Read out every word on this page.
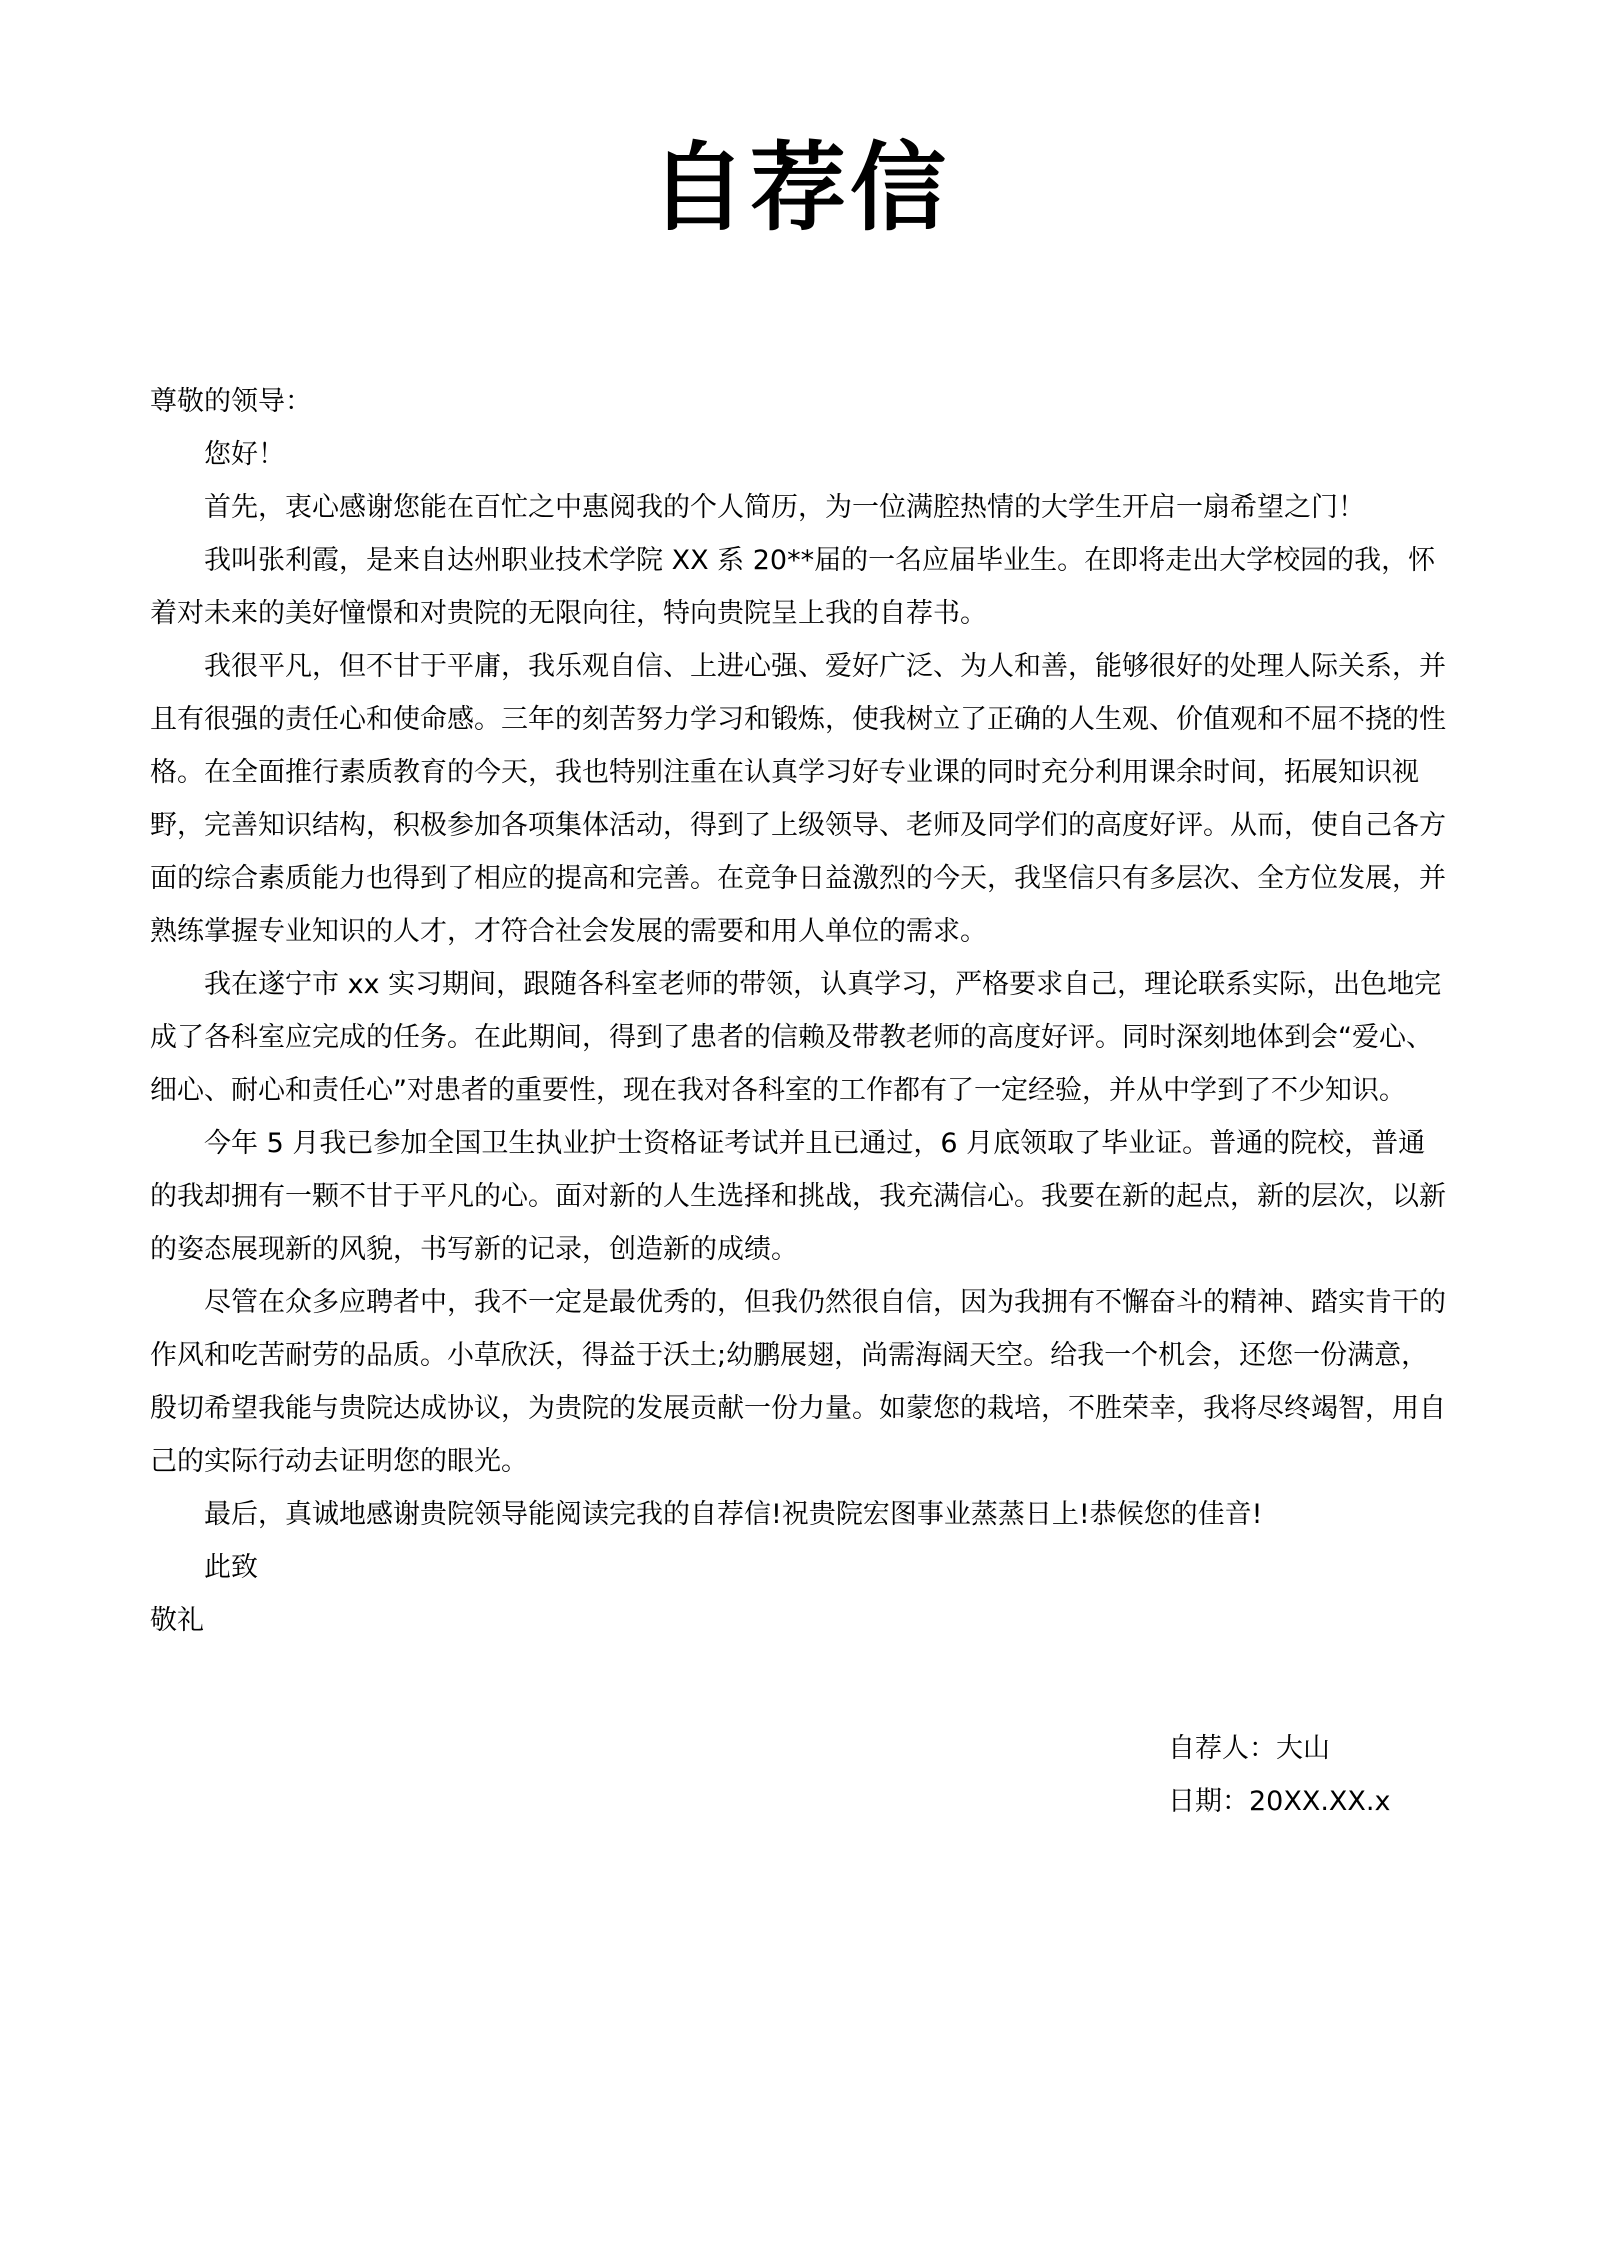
自荐信

尊敬的领导：

您好！

首先，衷心感谢您能在百忙之中惠阅我的个人简历，为一位满腔热情的大学生开启一扇希望之门！

我叫张利霞，是来自达州职业技术学院 XX 系 20**届的一名应届毕业生。在即将走出大学校园的我，怀着对未来的美好憧憬和对贵院的无限向往，特向贵院呈上我的自荐书。

我很平凡，但不甘于平庸，我乐观自信、上进心强、爱好广泛、为人和善，能够很好的处理人际关系，并且有很强的责任心和使命感。三年的刻苦努力学习和锻炼，使我树立了正确的人生观、价值观和不屈不挠的性格。在全面推行素质教育的今天，我也特别注重在认真学习好专业课的同时充分利用课余时间，拓展知识视野，完善知识结构，积极参加各项集体活动，得到了上级领导、老师及同学们的高度好评。从而，使自己各方面的综合素质能力也得到了相应的提高和完善。在竞争日益激烈的今天，我坚信只有多层次、全方位发展，并熟练掌握专业知识的人才，才符合社会发展的需要和用人单位的需求。

我在遂宁市 xx 实习期间，跟随各科室老师的带领，认真学习，严格要求自己，理论联系实际，出色地完成了各科室应完成的任务。在此期间，得到了患者的信赖及带教老师的高度好评。同时深刻地体到会“爱心、细心、耐心和责任心”对患者的重要性，现在我对各科室的工作都有了一定经验，并从中学到了不少知识。

今年 5 月我已参加全国卫生执业护士资格证考试并且已通过，6 月底领取了毕业证。普通的院校，普通的我却拥有一颗不甘于平凡的心。面对新的人生选择和挑战，我充满信心。我要在新的起点，新的层次，以新的姿态展现新的风貌，书写新的记录，创造新的成绩。

尽管在众多应聘者中，我不一定是最优秀的，但我仍然很自信，因为我拥有不懈奋斗的精神、踏实肯干的作风和吃苦耐劳的品质。小草欣沃，得益于沃土;幼鹏展翅，尚需海阔天空。给我一个机会，还您一份满意，殷切希望我能与贵院达成协议，为贵院的发展贡献一份力量。如蒙您的栽培，不胜荣幸，我将尽终竭智，用自己的实际行动去证明您的眼光。

最后，真诚地感谢贵院领导能阅读完我的自荐信!祝贵院宏图事业蒸蒸日上!恭候您的佳音!

此致

敬礼

自荐人：大山

日期：20XX.XX.x
